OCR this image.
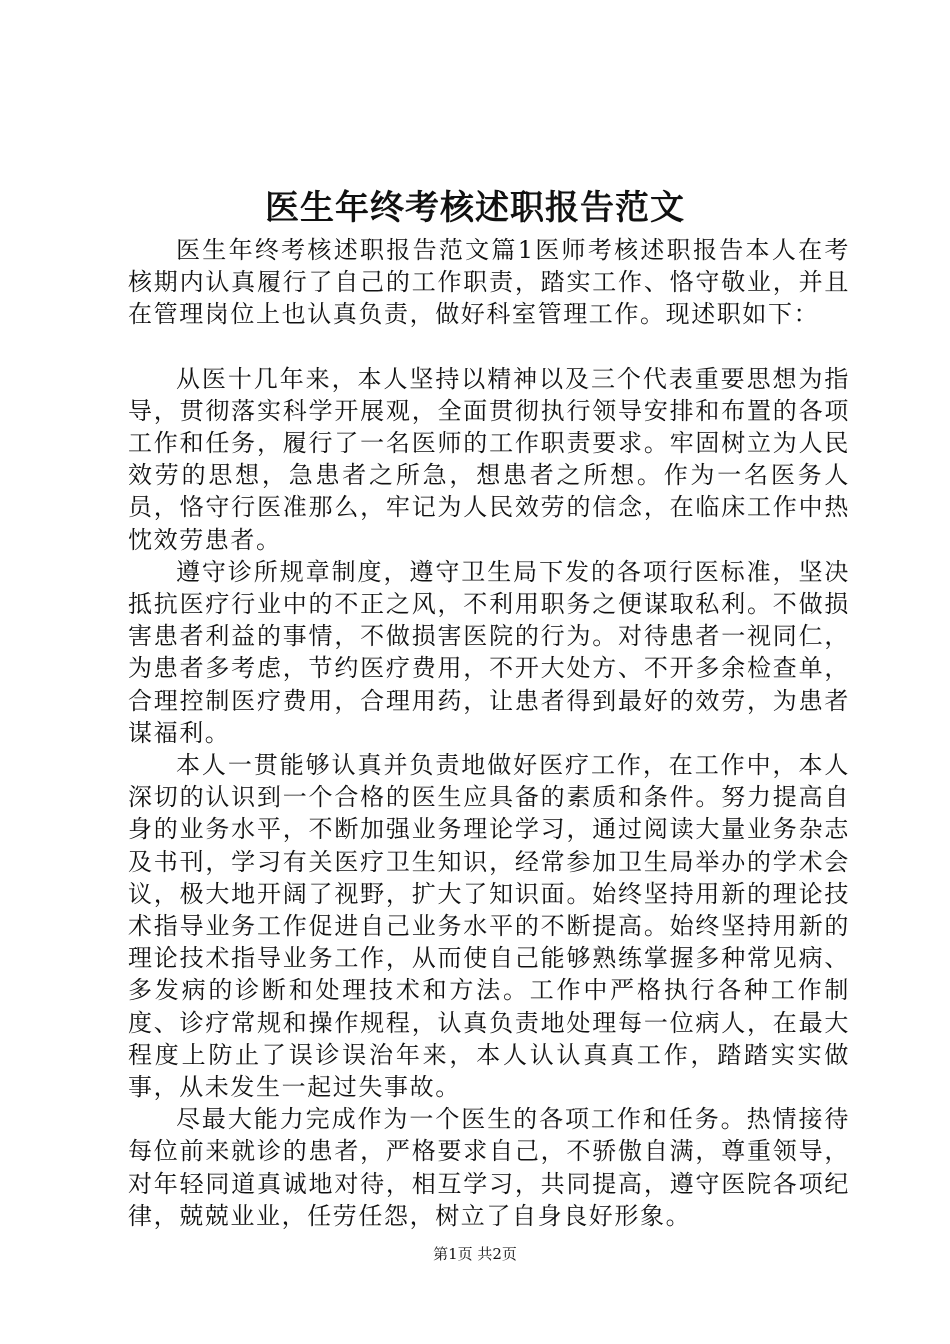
医生年终考核述职报告范文

医生年终考核述职报告范文篇1医师考核述职报告本人在考核期内认真履行了自己的工作职责，踏实工作、恪守敬业，并且在管理岗位上也认真负责，做好科室管理工作。现述职如下：

从医十几年来，本人坚持以精神以及三个代表重要思想为指导，贯彻落实科学开展观，全面贯彻执行领导安排和布置的各项工作和任务，履行了一名医师的工作职责要求。牢固树立为人民效劳的思想，急患者之所急，想患者之所想。作为一名医务人员，恪守行医准那么，牢记为人民效劳的信念，在临床工作中热忱效劳患者。

遵守诊所规章制度，遵守卫生局下发的各项行医标准，坚决抵抗医疗行业中的不正之风，不利用职务之便谋取私利。不做损害患者利益的事情，不做损害医院的行为。对待患者一视同仁，为患者多考虑，节约医疗费用，不开大处方、不开多余检查单，合理控制医疗费用，合理用药，让患者得到最好的效劳，为患者谋福利。

本人一贯能够认真并负责地做好医疗工作，在工作中，本人深切的认识到一个合格的医生应具备的素质和条件。努力提高自身的业务水平，不断加强业务理论学习，通过阅读大量业务杂志及书刊，学习有关医疗卫生知识，经常参加卫生局举办的学术会议，极大地开阔了视野，扩大了知识面。始终坚持用新的理论技术指导业务工作促进自己业务水平的不断提高。始终坚持用新的理论技术指导业务工作，从而使自己能够熟练掌握多种常见病、多发病的诊断和处理技术和方法。工作中严格执行各种工作制度、诊疗常规和操作规程，认真负责地处理每一位病人，在最大程度上防止了误诊误治年来，本人认认真真工作，踏踏实实做事，从未发生一起过失事故。

尽最大能力完成作为一个医生的各项工作和任务。热情接待每位前来就诊的患者，严格要求自己，不骄傲自满，尊重领导，对年轻同道真诚地对待，相互学习，共同提高，遵守医院各项纪律，兢兢业业，任劳任怨，树立了自身良好形象。

第1页 共2页
